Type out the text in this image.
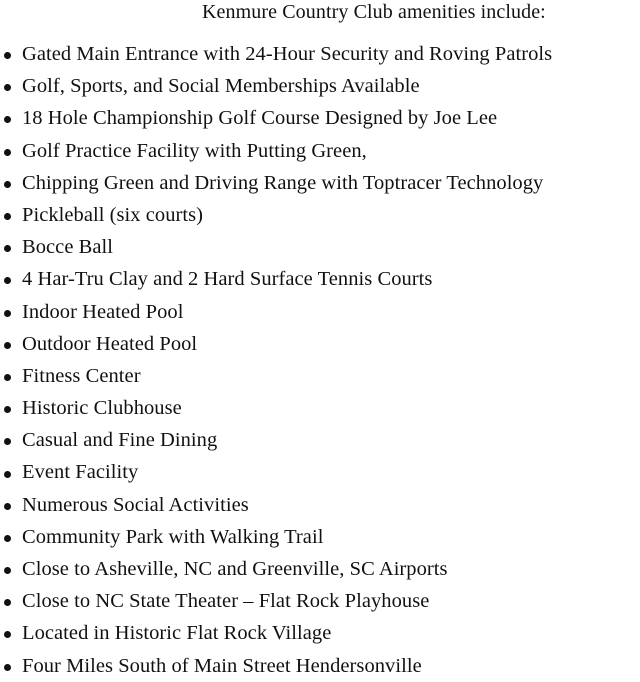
Kenmure Country Club amenities include:
Gated Main Entrance with 24-Hour Security and Roving Patrols
Golf, Sports, and Social Memberships Available
18 Hole Championship Golf Course Designed by Joe Lee
Golf Practice Facility with Putting Green,
Chipping Green and Driving Range with Toptracer Technology
Pickleball (six courts)
Bocce Ball
4 Har-Tru Clay and 2 Hard Surface Tennis Courts
Indoor Heated Pool
Outdoor Heated Pool
Fitness Center
Historic Clubhouse
Casual and Fine Dining
Event Facility
Numerous Social Activities
Community Park with Walking Trail
Close to Asheville, NC and Greenville, SC Airports
Close to NC State Theater – Flat Rock Playhouse
Located in Historic Flat Rock Village
Four Miles South of Main Street Hendersonville
